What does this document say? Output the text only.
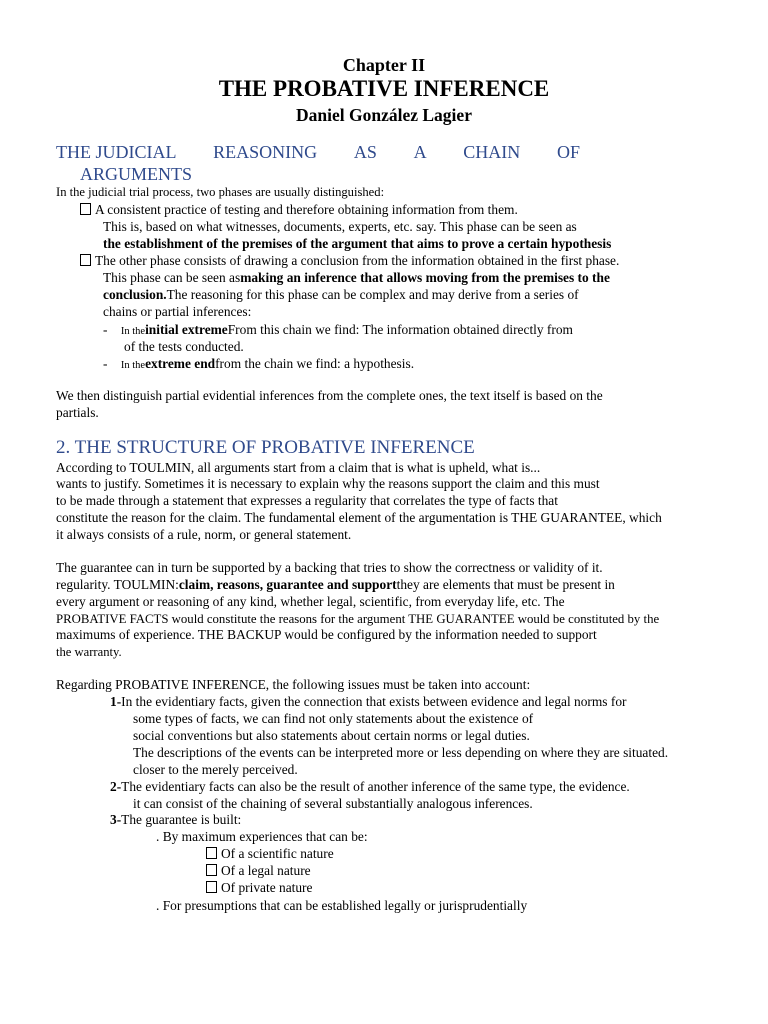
Chapter II
THE PROBATIVE INFERENCE
Daniel González Lagier
THE JUDICIAL REASONING AS A CHAIN OF
ARGUMENTS
In the judicial trial process, two phases are usually distinguished:
A consistent practice of testing and therefore obtaining information from them.
This is, based on what witnesses, documents, experts, etc. say. This phase can be seen as
the establishment of the premises of the argument that aims to prove a certain hypothesis
The other phase consists of drawing a conclusion from the information obtained in the first phase.
This phase can be seen asmaking an inference that allows moving from the premises to the
conclusion.The reasoning for this phase can be complex and may derive from a series of
chains or partial inferences:
- In theinitial extremeFrom this chain we find: The information obtained directly from
of the tests conducted.
- In theextreme endfrom the chain we find: a hypothesis.
We then distinguish partial evidential inferences from the complete ones, the text itself is based on the
partials.
2. THE STRUCTURE OF PROBATIVE INFERENCE
According to TOULMIN, all arguments start from a claim that is what is upheld, what is...
wants to justify. Sometimes it is necessary to explain why the reasons support the claim and this must
to be made through a statement that expresses a regularity that correlates the type of facts that
constitute the reason for the claim. The fundamental element of the argumentation is THE GUARANTEE, which
it always consists of a rule, norm, or general statement.
The guarantee can in turn be supported by a backing that tries to show the correctness or validity of it.
regularity. TOULMIN:claim, reasons, guarantee and supportthey are elements that must be present in
every argument or reasoning of any kind, whether legal, scientific, from everyday life, etc. The
PROBATIVE FACTS would constitute the reasons for the argument THE GUARANTEE would be constituted by the
maximums of experience. THE BACKUP would be configured by the information needed to support
the warranty.
Regarding PROBATIVE INFERENCE, the following issues must be taken into account:
1-In the evidentiary facts, given the connection that exists between evidence and legal norms for
some types of facts, we can find not only statements about the existence of
social conventions but also statements about certain norms or legal duties.
The descriptions of the events can be interpreted more or less depending on where they are situated.
closer to the merely perceived.
2-The evidentiary facts can also be the result of another inference of the same type, the evidence.
it can consist of the chaining of several substantially analogous inferences.
3-The guarantee is built:
. By maximum experiences that can be:
Of a scientific nature
Of a legal nature
Of private nature
. For presumptions that can be established legally or jurisprudentially
